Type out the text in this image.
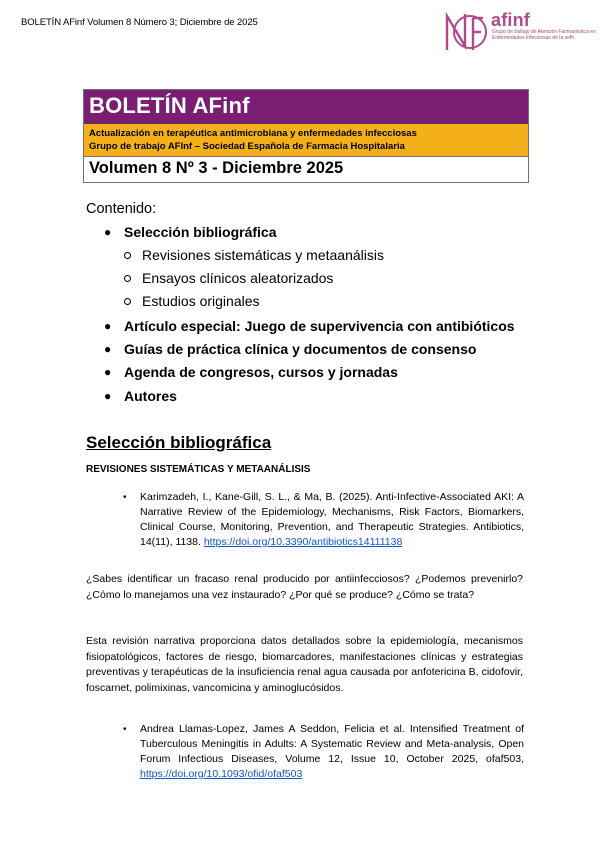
BOLETÍN AFinf Volumen 8 Número 3; Diciembre de 2025	afinf
Grupo de trabajo de Atención Farmacéutica en Enfermedades Infecciosas de la sefh
BOLETÍN AFinf
Actualización en terapéutica antimicrobiana y enfermedades infecciosas
Grupo de trabajo AFInf – Sociedad Española de Farmacia Hospitalaria
Volumen 8 Nº 3 - Diciembre 2025
Contenido:
● Selección bibliográfica
Revisiones sistemáticas y metaanálisis
Ensayos clínicos aleatorizados
Estudios originales
● Artículo especial: Juego de supervivencia con antibióticos
● Guías de práctica clínica y documentos de consenso
● Agenda de congresos, cursos y jornadas
● Autores
Selección bibliográfica
REVISIONES SISTEMÁTICAS Y METAANÁLISIS
• Karimzadeh, I., Kane-Gill, S. L., & Ma, B. (2025). Anti-Infective-Associated AKI: A Narrative Review of the Epidemiology, Mechanisms, Risk Factors, Biomarkers, Clinical Course, Monitoring, Prevention, and Therapeutic Strategies. Antibiotics, 14(11), 1138. https://doi.org/10.3390/antibiotics14111138
¿Sabes identificar un fracaso renal producido por antiinfecciosos? ¿Podemos prevenirlo? ¿Cómo lo manejamos una vez instaurado? ¿Por qué se produce? ¿Cómo se trata?
Esta revisión narrativa proporciona datos detallados sobre la epidemiología, mecanismos fisiopatológicos, factores de riesgo, biomarcadores, manifestaciones clínicas y estrategias preventivas y terapéuticas de la insuficiencia renal agua causada por anfotericina B, cidofovir, foscarnet, polimixinas, vancomicina y aminoglucósidos.
• Andrea Llamas-Lopez, James A Seddon, Felicia et al. Intensified Treatment of Tuberculous Meningitis in Adults: A Systematic Review and Meta-analysis, Open Forum Infectious Diseases, Volume 12, Issue 10, October 2025, ofaf503, https://doi.org/10.1093/ofid/ofaf503
